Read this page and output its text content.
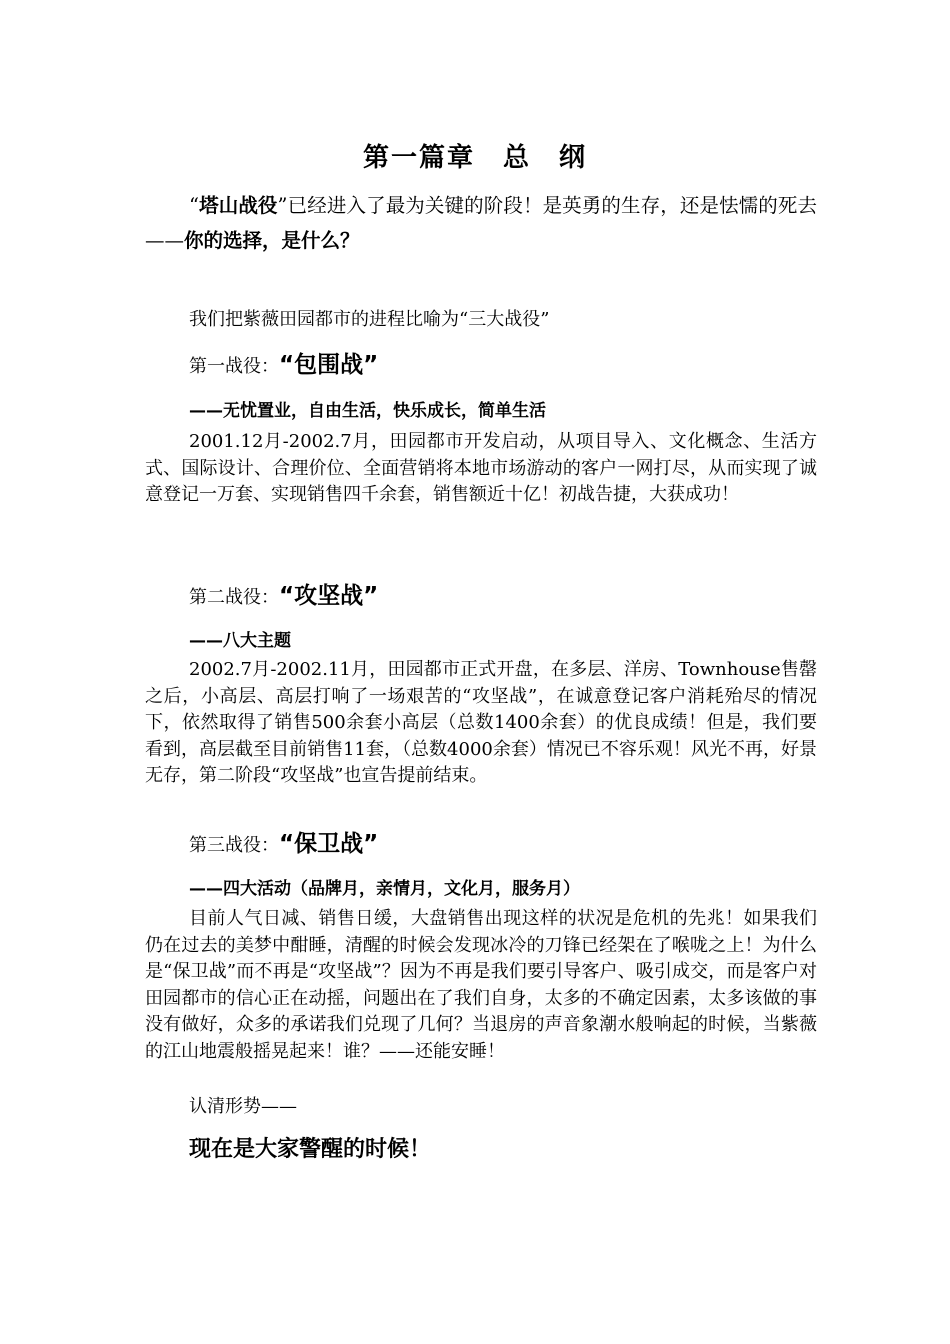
第一篇章　总　纲

“塔山战役”已经进入了最为关键的阶段！是英勇的生存，还是怯懦的死去——你的选择，是什么？

我们把紫薇田园都市的进程比喻为“三大战役”

第一战役：“包围战”

——无忧置业，自由生活，快乐成长，简单生活

2001.12月-2002.7月，田园都市开发启动，从项目导入、文化概念、生活方式、国际设计、合理价位、全面营销将本地市场游动的客户一网打尽，从而实现了诚意登记一万套、实现销售四千余套，销售额近十亿！初战告捷，大获成功！

第二战役：“攻坚战”

——八大主题

2002.7月-2002.11月，田园都市正式开盘，在多层、洋房、Townhouse售罄之后，小高层、高层打响了一场艰苦的“攻坚战”，在诚意登记客户消耗殆尽的情况下，依然取得了销售500余套小高层（总数1400余套）的优良成绩！但是，我们要看到，高层截至目前销售11套，（总数4000余套）情况已不容乐观！风光不再，好景无存，第二阶段“攻坚战”也宣告提前结束。

第三战役：“保卫战”

——四大活动（品牌月，亲情月，文化月，服务月）

目前人气日减、销售日缓，大盘销售出现这样的状况是危机的先兆！如果我们仍在过去的美梦中酣睡，清醒的时候会发现冰冷的刀锋已经架在了喉咙之上！为什么是“保卫战”而不再是“攻坚战”？因为不再是我们要引导客户、吸引成交，而是客户对田园都市的信心正在动摇，问题出在了我们自身，太多的不确定因素，太多该做的事没有做好，众多的承诺我们兑现了几何？当退房的声音象潮水般响起的时候，当紫薇的江山地震般摇晃起来！谁？——还能安睡！

认清形势——

现在是大家警醒的时候！
